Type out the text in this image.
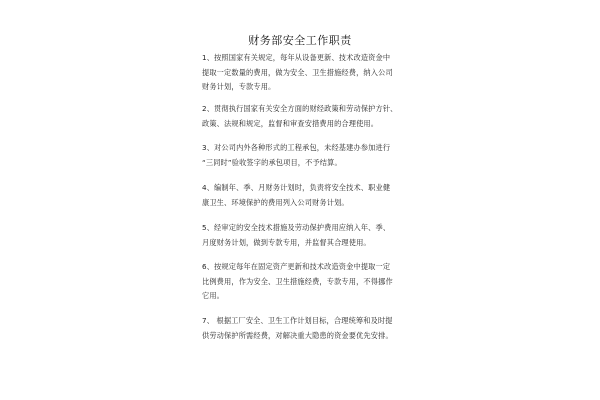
财务部安全工作职责
1、按照国家有关规定，每年从设备更新、技术改造资金中
提取一定数量的费用，做为安全、卫生措施经费，纳入公司
财务计划，专款专用。
2、贯彻执行国家有关安全方面的财经政策和劳动保护方针、
政策、法规和规定，监督和审查安措费用的合理使用。
3、对公司内外各种形式的工程承包，未经基建办参加进行
“三同时”验收签字的承包项目，不予结算。
4、编制年、季、月财务计划时，负责将安全技术、职业健
康卫生、环境保护的费用列入公司财务计划。
5、经审定的安全技术措施及劳动保护费用应纳入年、季、
月度财务计划，做到专款专用，并监督其合理使用。
6、按规定每年在固定资产更新和技术改造资金中提取一定
比例费用，作为安全、卫生措施经费，专款专用，不得挪作
它用。
7、 根据工厂安全、卫生工作计划目标，合理统筹和及时提
供劳动保护所需经费，对解决重大隐患的资金要优先安排。
